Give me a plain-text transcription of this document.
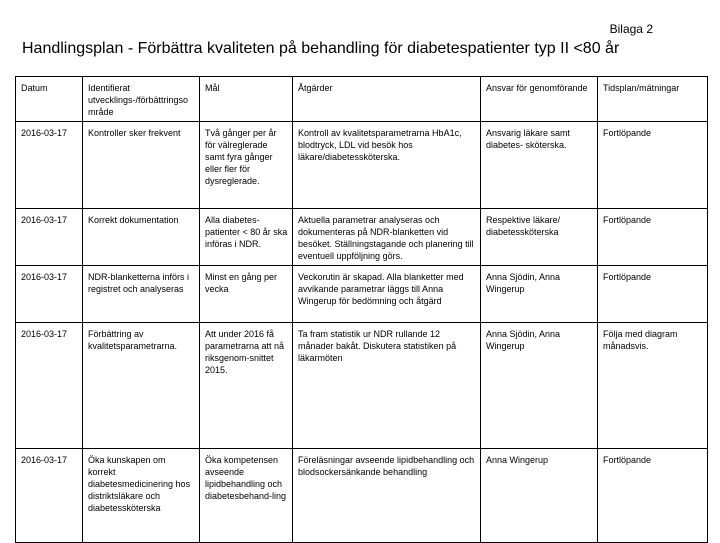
Bilaga 2
Handlingsplan - Förbättra kvaliteten på behandling för diabetespatienter typ II <80 år
Datum	Identifierat utvecklings-/förbättringsområde	Mål	Åtgärder	Ansvar för genomförande	Tidsplan/mätningar
2016-03-17	Kontroller sker frekvent	Två gånger per år för välreglerade samt fyra gånger eller fler för dysreglerade.	Kontroll av kvalitetsparametrarna HbA1c, blodtryck, LDL vid besök hos läkare/diabetessköterska.	Ansvarig läkare samt diabetes- sköterska.	Fortlöpande
2016-03-17	Korrekt dokumentation	Alla diabetes-patienter < 80 år ska införas i NDR.	Aktuella parametrar analyseras och dokumenteras på NDR-blanketten vid besöket. Ställningstagande och planering till eventuell uppföljning görs.	Respektive läkare/ diabetessköterskа	Fortlöpande
2016-03-17	NDR-blanketterna införs i registret och analyseras	Minst en gång per vecka	Veckorutin är skapad. Alla blanketter med avvikande parametrar läggs till Anna Wingerup för bedömning och åtgärd	Anna Sjödin, Anna Wingerup	Fortlöpande
2016-03-17	Förbättring av kvalitetsparametrarna.	Att under 2016 få parametrarna att nå riksgenom-snittet 2015.	Ta fram statistik ur NDR rullande 12 månader bakåt. Diskutera statistiken på läkarmöten	Anna Sjödin, Anna Wingerup	Följa med diagram månadsvis.
2016-03-17	Öka kunskapen om korrekt diabetesmedicinering hos distriktsläkare och diabetessköterska	Öka kompetensen avseende lipidbehandling och diabetesbehand-ling	Föreläsningar avseende lipidbehandling och blodsockersänkande behandling	Anna Wingerup	Fortlöpande
